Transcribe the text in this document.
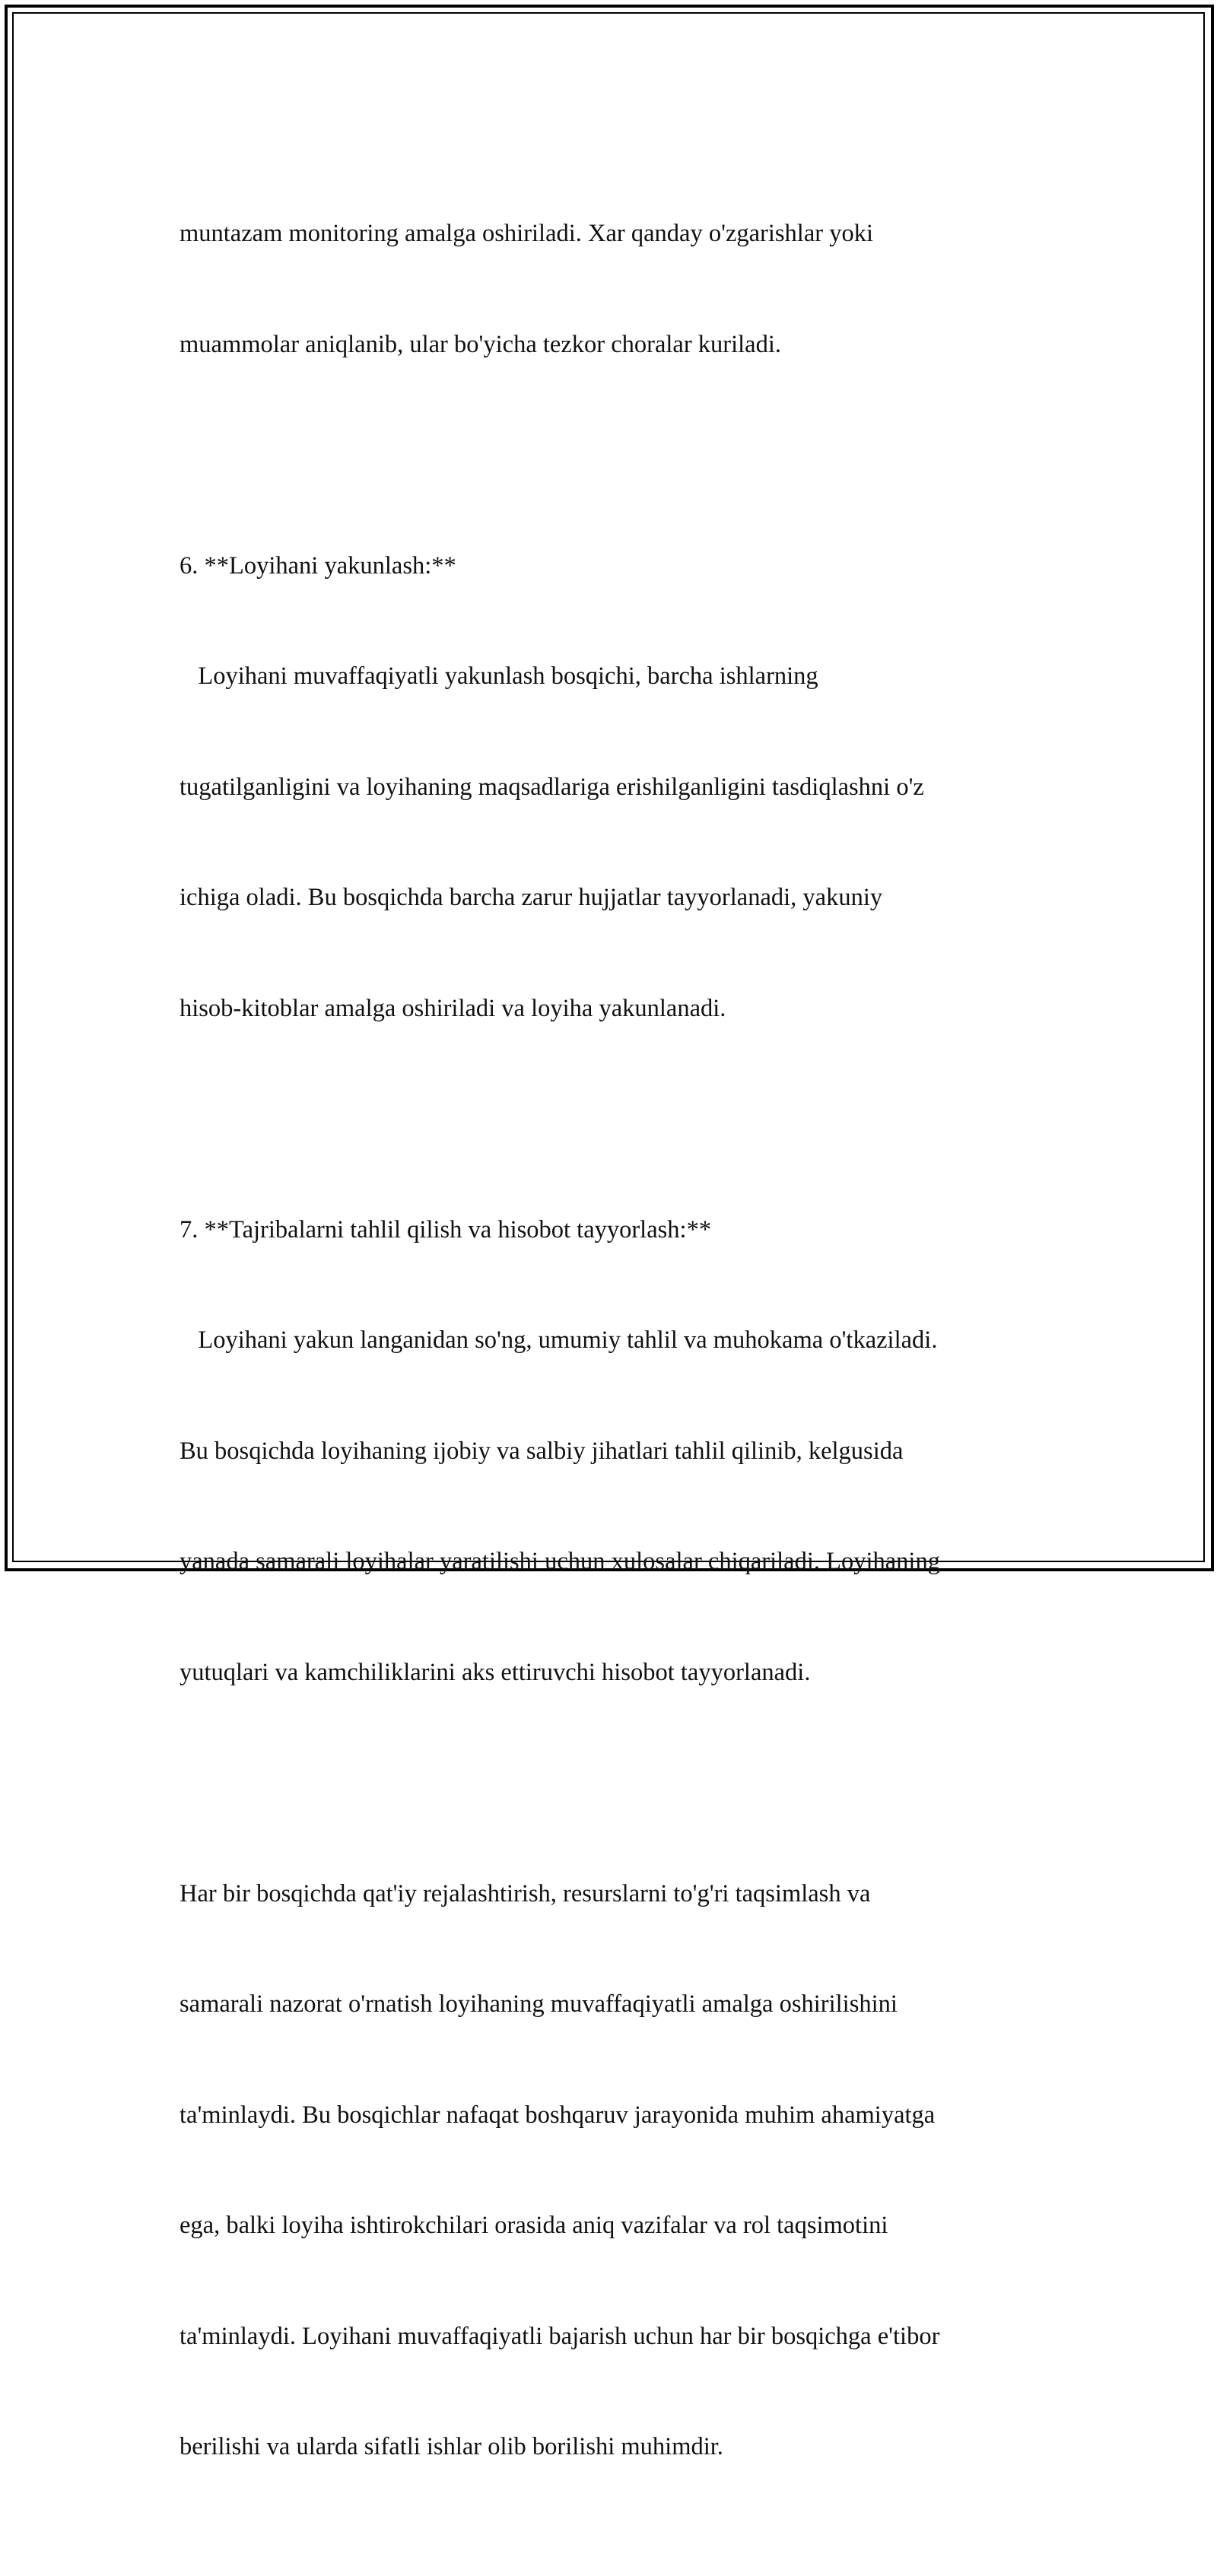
muntazam monitoring amalga oshiriladi. Xar qanday o'zgarishlar yoki

muammolar aniqlanib, ular bo'yicha tezkor choralar kuriladi.

6. **Loyihani yakunlash:**

Loyihani muvaffaqiyatli yakunlash bosqichi, barcha ishlarning

tugatilganligini va loyihaning maqsadlariga erishilganligini tasdiqlashni o'z

ichiga oladi. Bu bosqichda barcha zarur hujjatlar tayyorlanadi, yakuniy

hisob-kitoblar amalga oshiriladi va loyiha yakunlanadi.

7. **Tajribalarni tahlil qilish va hisobot tayyorlash:**

Loyihani yakun langanidan so'ng, umumiy tahlil va muhokama o'tkaziladi.

Bu bosqichda loyihaning ijobiy va salbiy jihatlari tahlil qilinib, kelgusida

yanada samarali loyihalar yaratilishi uchun xulosalar chiqariladi. Loyihaning

yutuqlari va kamchiliklarini aks ettiruvchi hisobot tayyorlanadi.

Har bir bosqichda qat'iy rejalashtirish, resurslarni to'g'ri taqsimlash va

samarali nazorat o'rnatish loyihaning muvaffaqiyatli amalga oshirilishini

ta'minlaydi. Bu bosqichlar nafaqat boshqaruv jarayonida muhim ahamiyatga

ega, balki loyiha ishtirokchilari orasida aniq vazifalar va rol taqsimotini

ta'minlaydi. Loyihani muvaffaqiyatli bajarish uchun har bir bosqichga e'tibor

berilishi va ularda sifatli ishlar olib borilishi muhimdir.
